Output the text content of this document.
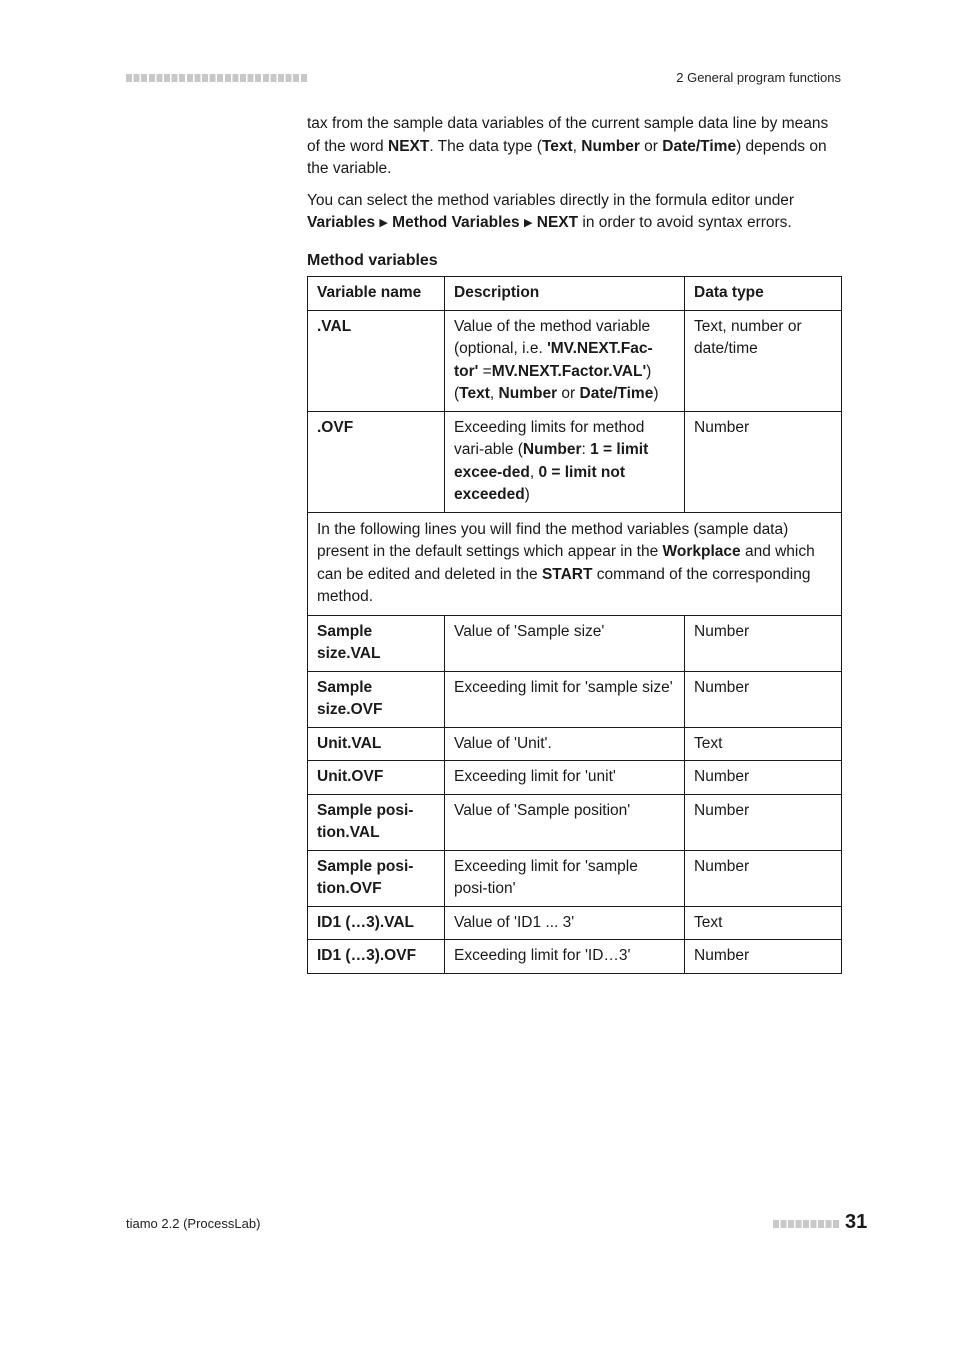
2 General program functions

tax from the sample data variables of the current sample data line by means of the word NEXT. The data type (Text, Number or Date/Time) depends on the variable.

You can select the method variables directly in the formula editor under Variables ▶ Method Variables ▶ NEXT in order to avoid syntax errors.

Method variables
Variable name	Description	Data type
.VAL	Value of the method variable (optional, i.e. 'MV.NEXT.Fac-tor' =MV.NEXT.Factor.VAL') (Text, Number or Date/Time)	Text, number or date/time
.OVF	Exceeding limits for method vari-able (Number: 1 = limit excee-ded, 0 = limit not exceeded)	Number
In the following lines you will find the method variables (sample data) present in the default settings which appear in the Workplace and which can be edited and deleted in the START command of the corresponding method.		
Sample size.VAL	Value of 'Sample size'	Number
Sample size.OVF	Exceeding limit for 'sample size'	Number
Unit.VAL	Value of 'Unit'.	Text
Unit.OVF	Exceeding limit for 'unit'	Number
Sample posi-tion.VAL	Value of 'Sample position'	Number
Sample posi-tion.OVF	Exceeding limit for 'sample posi-tion'	Number
ID1 (…3).VAL	Value of 'ID1 ... 3'	Text
ID1 (…3).OVF	Exceeding limit for 'ID…3'	Number
tiamo 2.2 (ProcessLab)	31
